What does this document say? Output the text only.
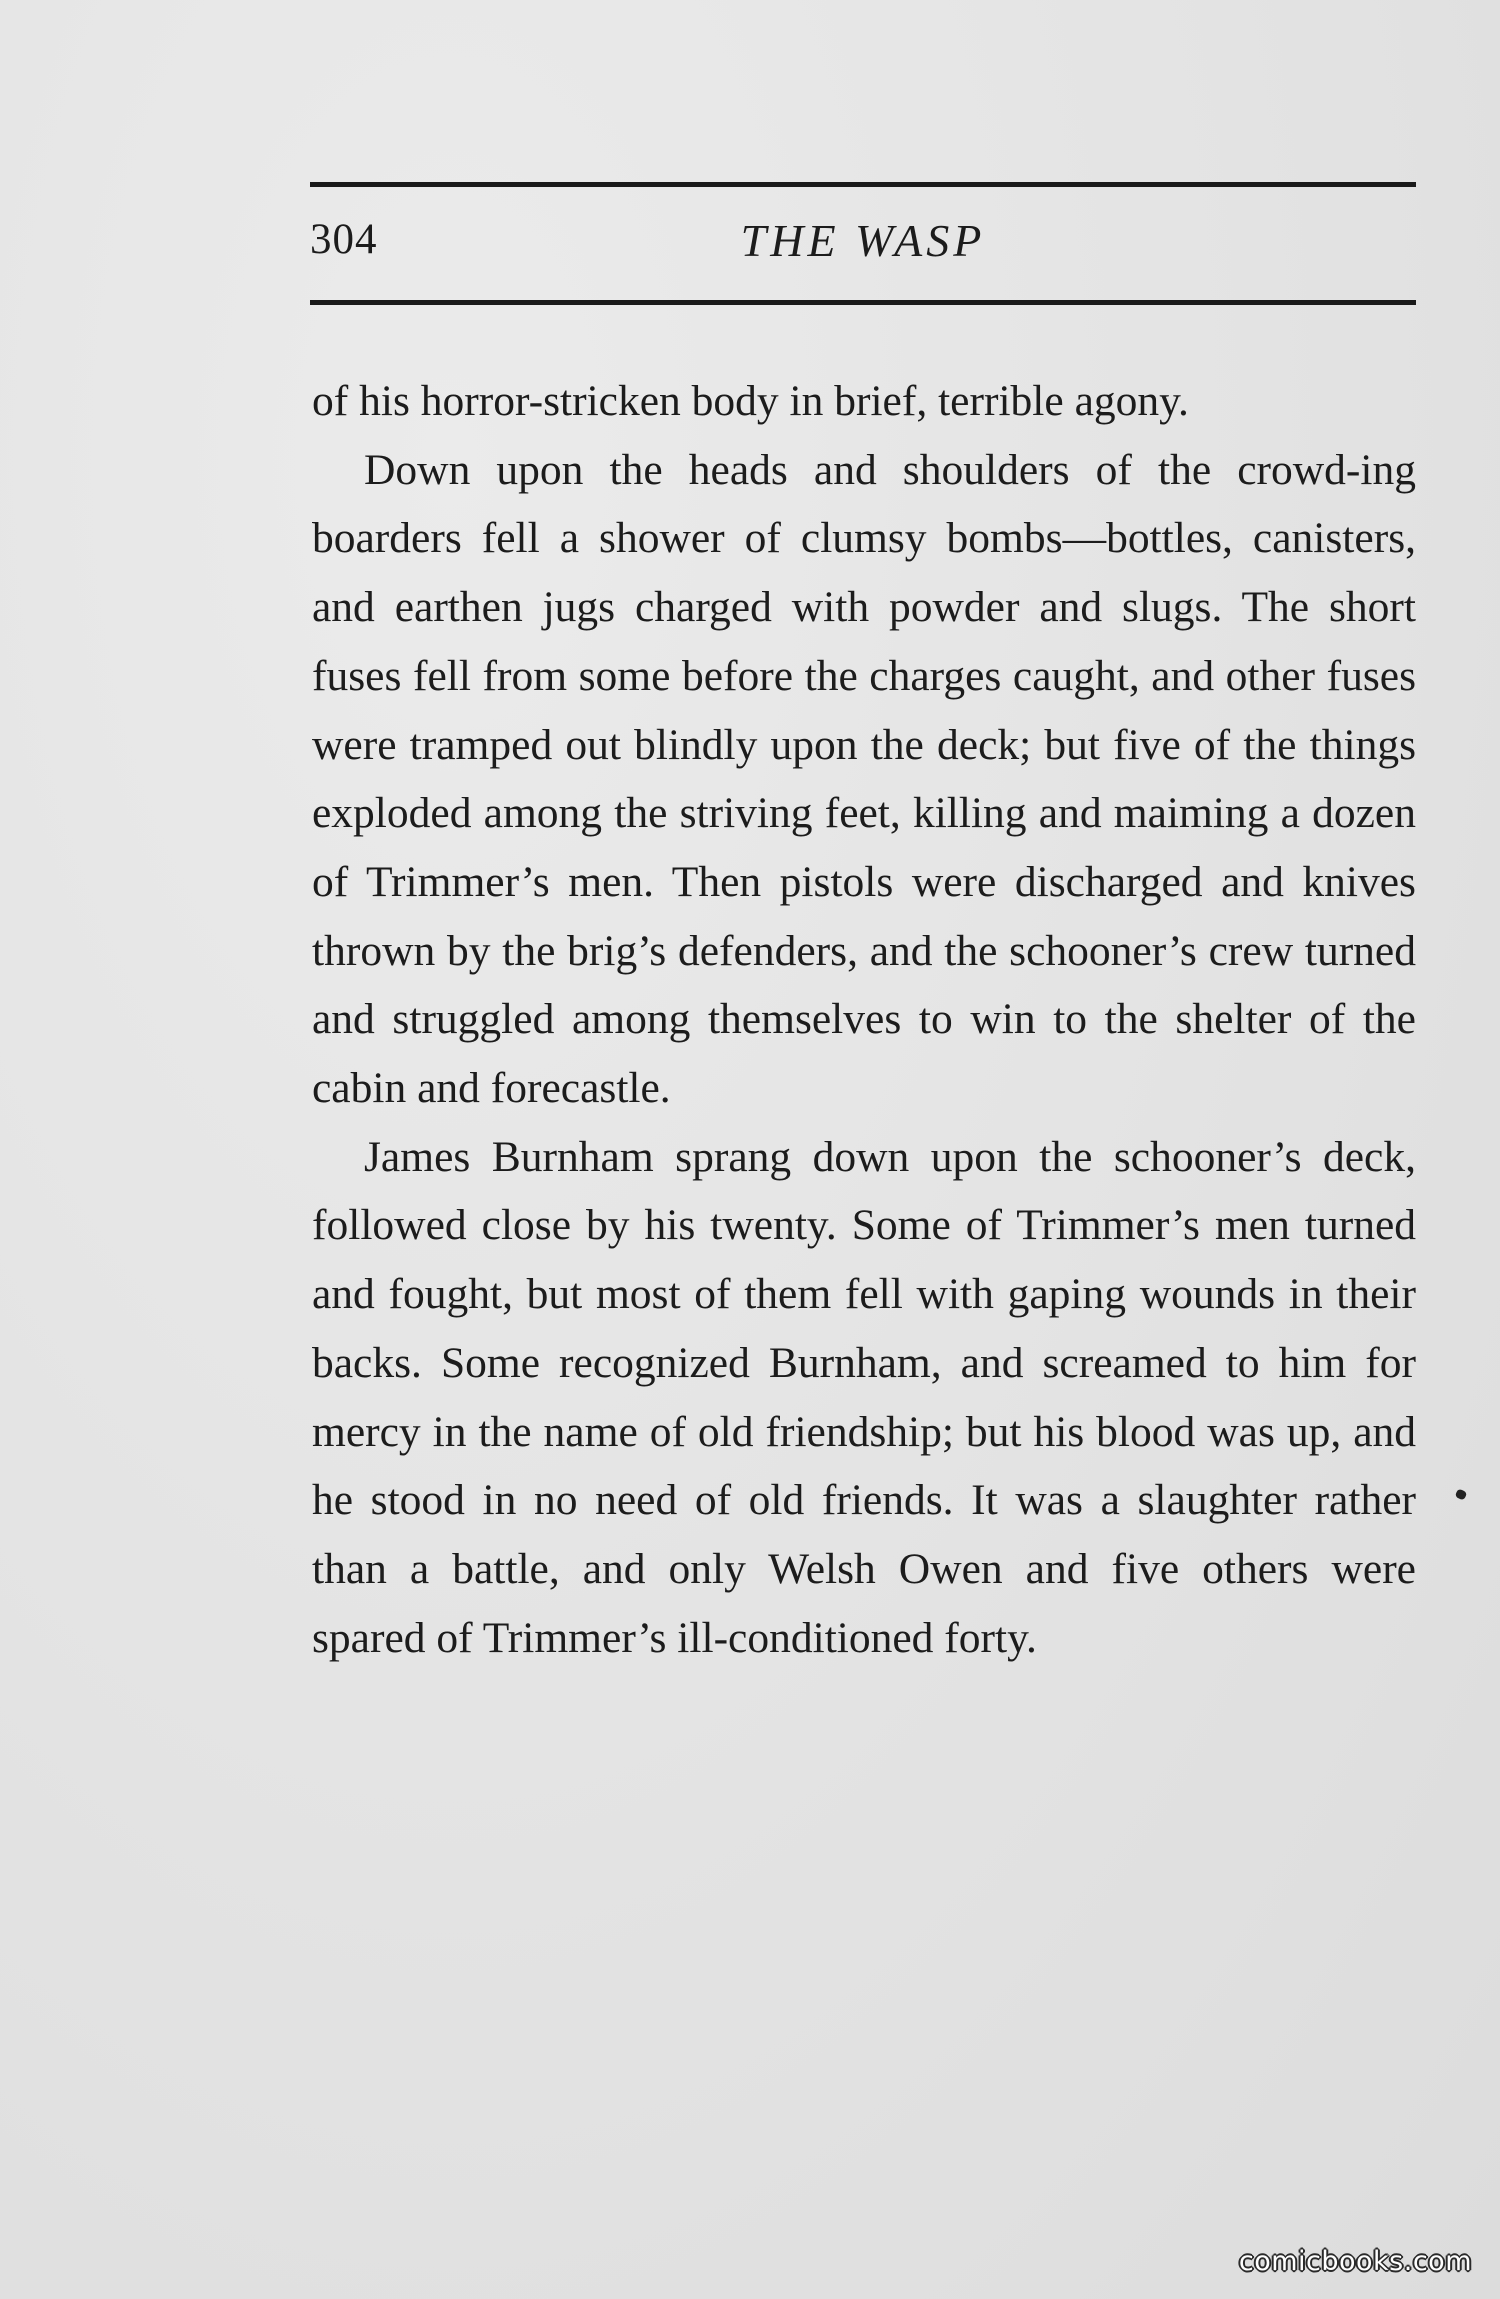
304	THE WASP

of his horror-stricken body in brief, terrible agony.

Down upon the heads and shoulders of the crowd-ing boarders fell a shower of clumsy bombs—bottles, canisters, and earthen jugs charged with powder and slugs. The short fuses fell from some before the charges caught, and other fuses were tramped out blindly upon the deck; but five of the things exploded among the striving feet, killing and maiming a dozen of Trimmer’s men. Then pistols were discharged and knives thrown by the brig’s defenders, and the schooner’s crew turned and struggled among themselves to win to the shelter of the cabin and forecastle.

James Burnham sprang down upon the schooner’s deck, followed close by his twenty. Some of Trimmer’s men turned and fought, but most of them fell with gaping wounds in their backs. Some recognized Burnham, and screamed to him for mercy in the name of old friendship; but his blood was up, and he stood in no need of old friends. It was a slaughter rather than a battle, and only Welsh Owen and five others were spared of Trimmer’s ill-conditioned forty.

comicbooks.com
